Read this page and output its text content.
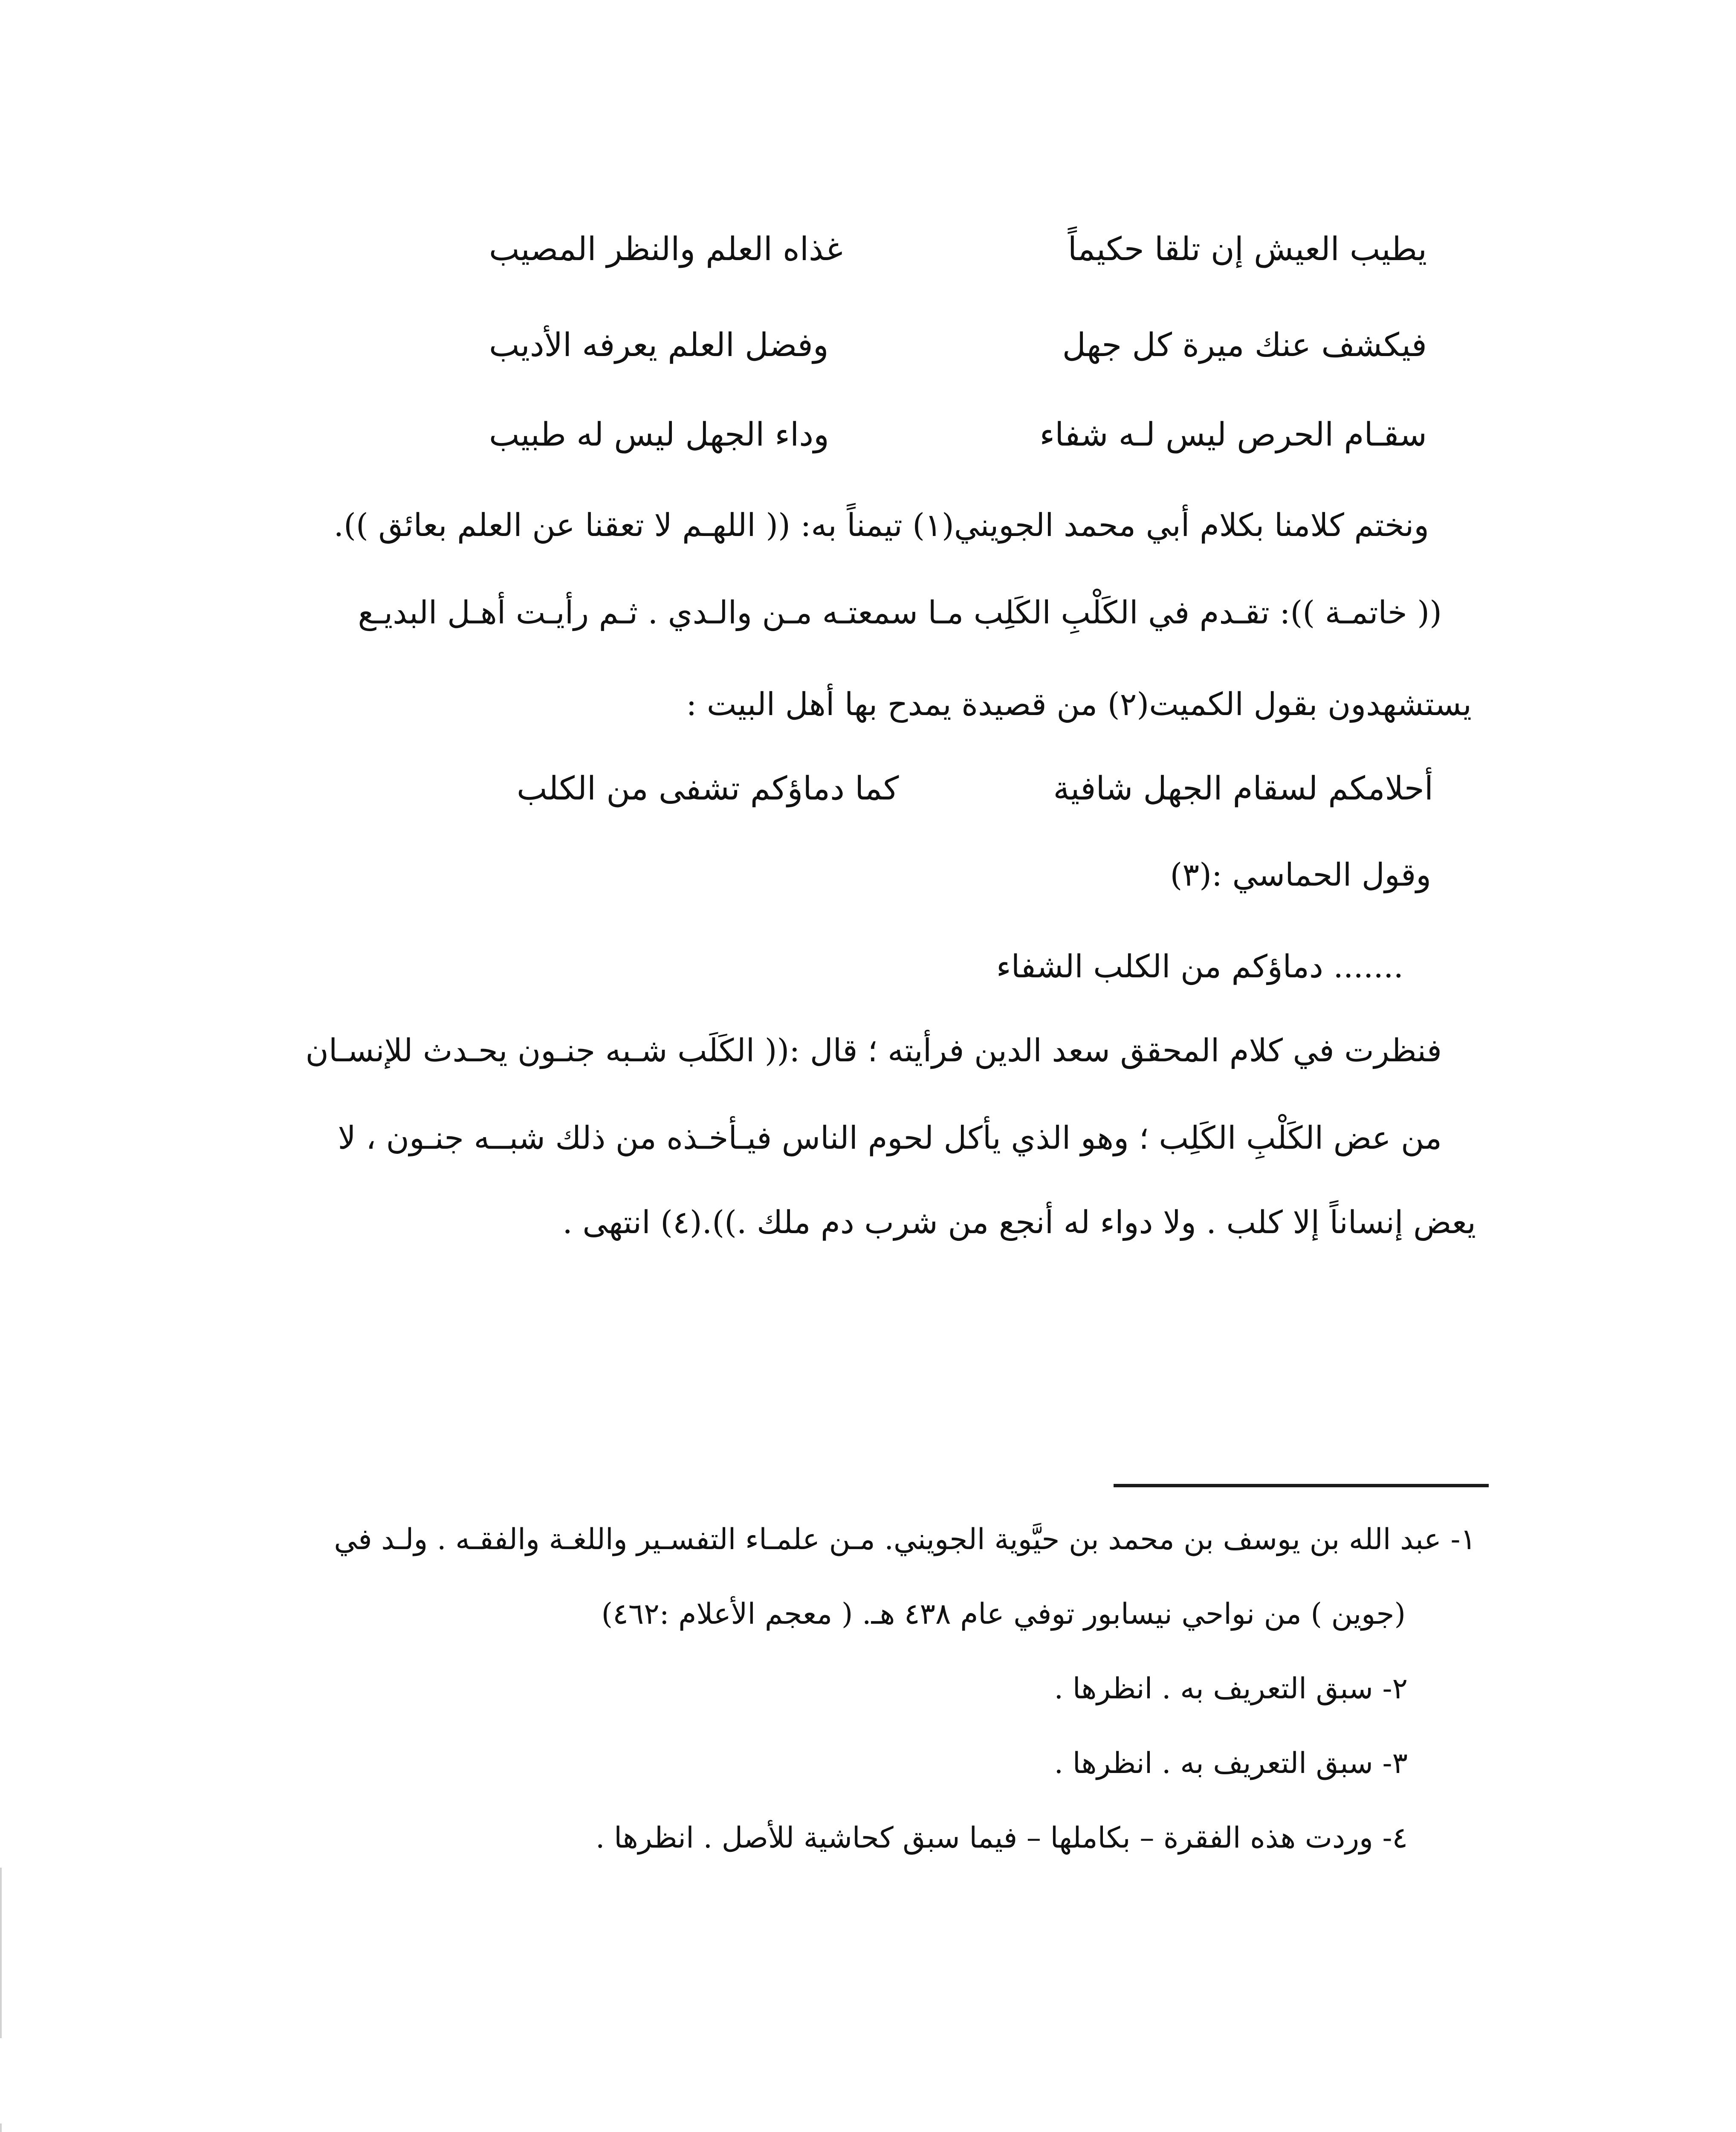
يطيب العيش إن تلقا حكيماً
غذاه العلم والنظر المصيب
فيكشف عنك ميرة كل جهل
وفضل العلم يعرفه الأديب
سقـام الحرص ليس لـه شفاء
وداء الجهل ليس له طبيب
ونختم كلامنا بكلام أبي محمد الجويني(١) تيمناً به: (( اللهـم لا تعقنا عن العلم بعائق )).
(( خاتمـة )): تقـدم في الكَلْبِ الكَلِب مـا سمعتـه مـن والـدي . ثـم رأيـت أهـل البديـع
يستشهدون بقول الكميت(٢) من قصيدة يمدح بها أهل البيت :
أحلامكم لسقام الجهل شافية
كما دماؤكم تشفى من الكلب
وقول الحماسي :(٣)
....... دماؤكم من الكلب الشفاء
فنظرت في كلام المحقق سعد الدين فرأيته ؛ قال :(( الكَلَب شـبه جنـون يحـدث للإنسـان
من عض الكَلْبِ الكَلِب ؛ وهو الذي يأكل لحوم الناس فيـأخـذه من ذلك شبــه جنـون ، لا
يعض إنساناً إلا كلب . ولا دواء له أنجع من شرب دم ملك .)).(٤) انتهى .
١- عبد الله بن يوسف بن محمد بن حيَّوية الجويني. مـن علمـاء التفسـير واللغـة والفقـه . ولـد في
(جوين ) من نواحي نيسابور توفي عام ٤٣٨ هـ. ( معجم الأعلام :٤٦٢)
٢- سبق التعريف به . انظرها .
٣- سبق التعريف به . انظرها .
٤- وردت هذه الفقرة – بكاملها – فيما سبق كحاشية للأصل . انظرها .
